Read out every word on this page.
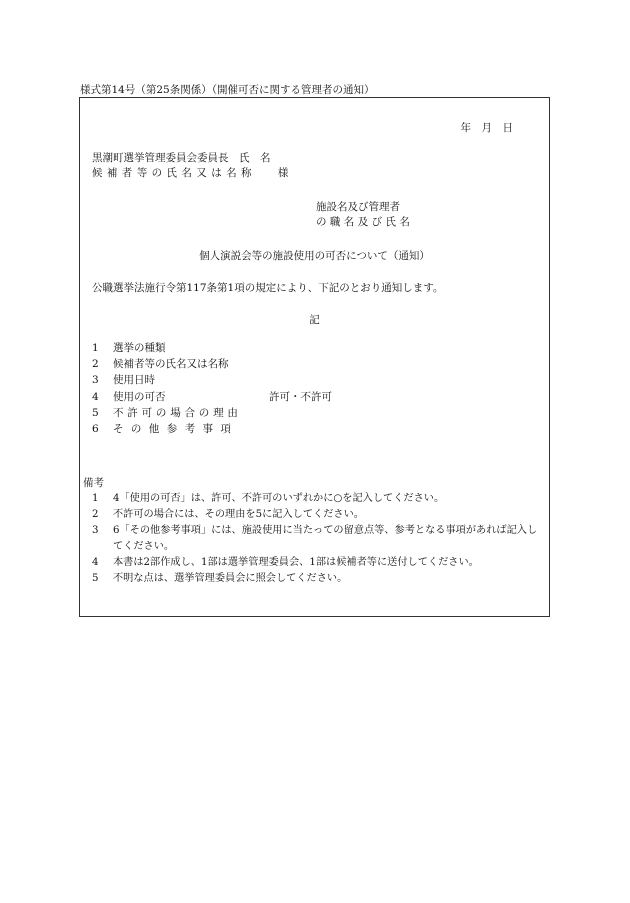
様式第14号（第25条関係）（開催可否に関する管理者の通知）
年　月　日
黒潮町選挙管理委員会委員長　氏　名
候補者等の氏名又は名称 様
施設名及び管理者
の職名及び氏名
個人演説会等の施設使用の可否について（通知）
公職選挙法施行令第117条第1項の規定により、下記のとおり通知します。
記
1 選挙の種類
2 候補者等の氏名又は名称
3 使用日時
4 使用の可否	許可・不許可
5 不許可の場合の理由
6 その他参考事項
備考
1 4「使用の可否」は、許可、不許可のいずれかに○を記入してください。
2 不許可の場合には、その理由を5に記入してください。
3 6「その他参考事項」には、施設使用に当たっての留意点等、参考となる事項があれば記入してください。
4 本書は2部作成し、1部は選挙管理委員会、1部は候補者等に送付してください。
5 不明な点は、選挙管理委員会に照会してください。
